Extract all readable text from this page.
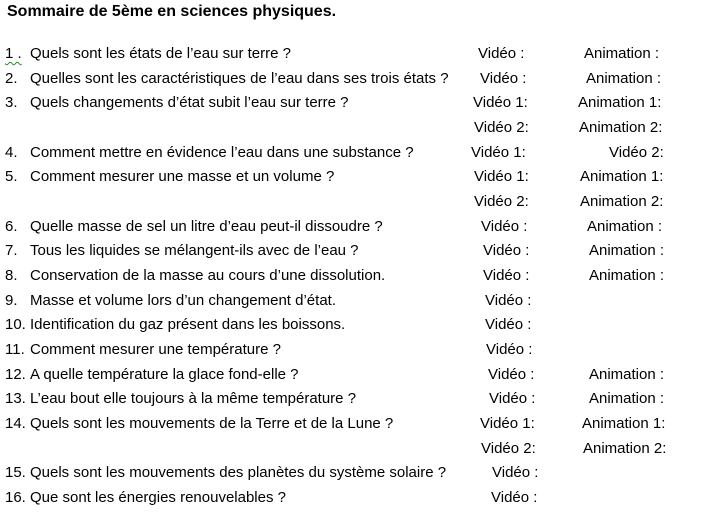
Sommaire de 5ème en sciences physiques.
1 . Quels sont les états de l’eau sur terre ?	Vidéo :	Animation :
2. Quelles sont les caractéristiques de l’eau dans ses trois états ? Vidéo :	Animation :
3. Quels changements d’état subit l’eau sur terre ?	Vidéo 1:	Animation 1:
Vidéo 2:	Animation 2:
4. Comment mettre en évidence l’eau dans une substance ?	Vidéo 1:	Vidéo 2:
5. Comment mesurer une masse et un volume ?	Vidéo 1:	Animation 1:
Vidéo 2:	Animation 2:
6. Quelle masse de sel un litre d’eau peut-il dissoudre ?	Vidéo :	Animation :
7. Tous les liquides se mélangent-ils avec de l’eau ?	Vidéo :	Animation :
8. Conservation de la masse au cours d’une dissolution.	Vidéo :	Animation :
9. Masse et volume lors d’un changement d’état.	Vidéo :
10. Identification du gaz présent dans les boissons.	Vidéo :
11. Comment mesurer une température ?	Vidéo :
12. A quelle température la glace fond-elle ?	Vidéo :	Animation :
13. L’eau bout elle toujours à la même température ?	Vidéo :	Animation :
14. Quels sont les mouvements de la Terre et de la Lune ?	Vidéo 1:	Animation 1:
Vidéo 2:	Animation 2:
15. Quels sont les mouvements des planètes du système solaire ?	Vidéo :
16. Que sont les énergies renouvelables ?	Vidéo :
